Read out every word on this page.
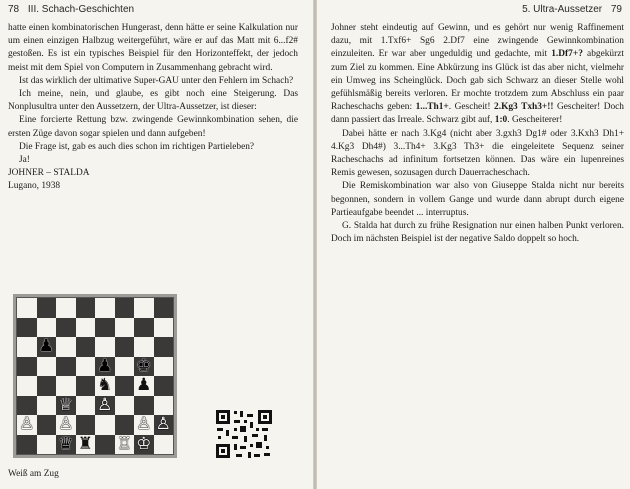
78 III. Schach-Geschichten

hatte einen kombinatorischen Hungerast, denn hätte er seine Kalkulation nur um einen einzigen Halbzug weitergeführt, wäre er auf das Matt mit 6...f2# gestoßen. Es ist ein typisches Beispiel für den Horizonteffekt, der jedoch meist mit dem Spiel von Computern in Zusammenhang gebracht wird.

Ist das wirklich der ultimative Super-GAU unter den Fehlern im Schach?

Ich meine, nein, und glaube, es gibt noch eine Steigerung. Das Nonplusultra unter den Aussetzern, der Ultra-Aussetzer, ist dieser:

Eine forcierte Rettung bzw. zwingende Gewinnkombination sehen, die ersten Züge davon sogar spielen und dann aufgeben!

Die Frage ist, gab es auch dies schon im richtigen Partieleben?

Ja!

JOHNER – STALDA

Lugano, 1938

♟
♟ ♚
♞ ♟
♕ ♙
♙ ♙	♙ ♙
♛ ♜ ♖ ♔
Weiß am Zug
5. Ultra-Aussetzer 79

Johner steht eindeutig auf Gewinn, und es gehört nur wenig Raffinement dazu, mit 1.Txf6+ Sg6 2.Df7 eine zwingende Gewinnkombination einzuleiten. Er war aber ungeduldig und gedachte, mit 1.Df7+? abgekürzt zum Ziel zu kommen. Eine Abkürzung ins Glück ist das aber nicht, vielmehr ein Umweg ins Scheinglück. Doch gab sich Schwarz an dieser Stelle wohl gefühlsmäßig bereits verloren. Er mochte trotzdem zum Abschluss ein paar Racheschachs geben: 1...Th1+. Gescheit! 2.Kg3 Txh3+!! Gescheiter! Doch dann passiert das Irreale. Schwarz gibt auf, 1:0. Gescheiterer!

Dabei hätte er nach 3.Kg4 (nicht aber 3.gxh3 Dg1# oder 3.Kxh3 Dh1+ 4.Kg3 Dh4#) 3...Th4+ 3.Kg3 Th3+ die eingeleitete Sequenz seiner Racheschachs ad infinitum fortsetzen können. Das wäre ein lupenreines Remis gewesen, sozusagen durch Dauerracheschach.

Die Remiskombination war also von Giuseppe Stalda nicht nur bereits begonnen, sondern in vollem Gange und wurde dann abrupt durch eigene Partieaufgabe beendet ... interruptus.

G. Stalda hat durch zu frühe Resignation nur einen halben Punkt verloren. Doch im nächsten Beispiel ist der negative Saldo doppelt so hoch.
